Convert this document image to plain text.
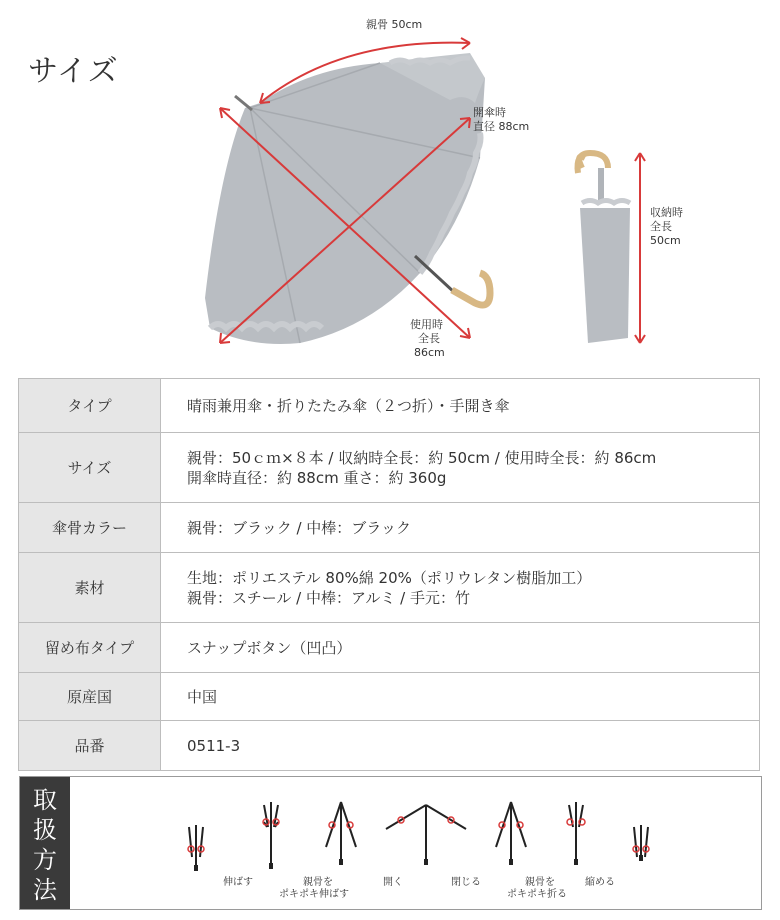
サイズ
親骨 50cm
開傘時
直径 88cm
使用時
全長
86cm
収納時
全長
50cm
タイプ	晴雨兼用傘・折りたたみ傘（２つ折）・手開き傘

サイズ	親骨：50ｃｍ×８本 / 収納時全長：約 50cm / 使用時全長：約 86cm
開傘時直径：約 88cm 重さ：約 360g

傘骨カラー	親骨：ブラック / 中棒：ブラック

素材	生地：ポリエステル 80%綿 20%（ポリウレタン樹脂加工）
親骨：スチール / 中棒：アルミ / 手元：竹

留め布タイプ	スナップボタン（凹凸）

原産国	中国

品番	0511-3
取
扱
方
法	伸ばす	親骨を
ポキポキ伸ばす
開く	閉じる	親骨を
ポキポキ折る
縮める
